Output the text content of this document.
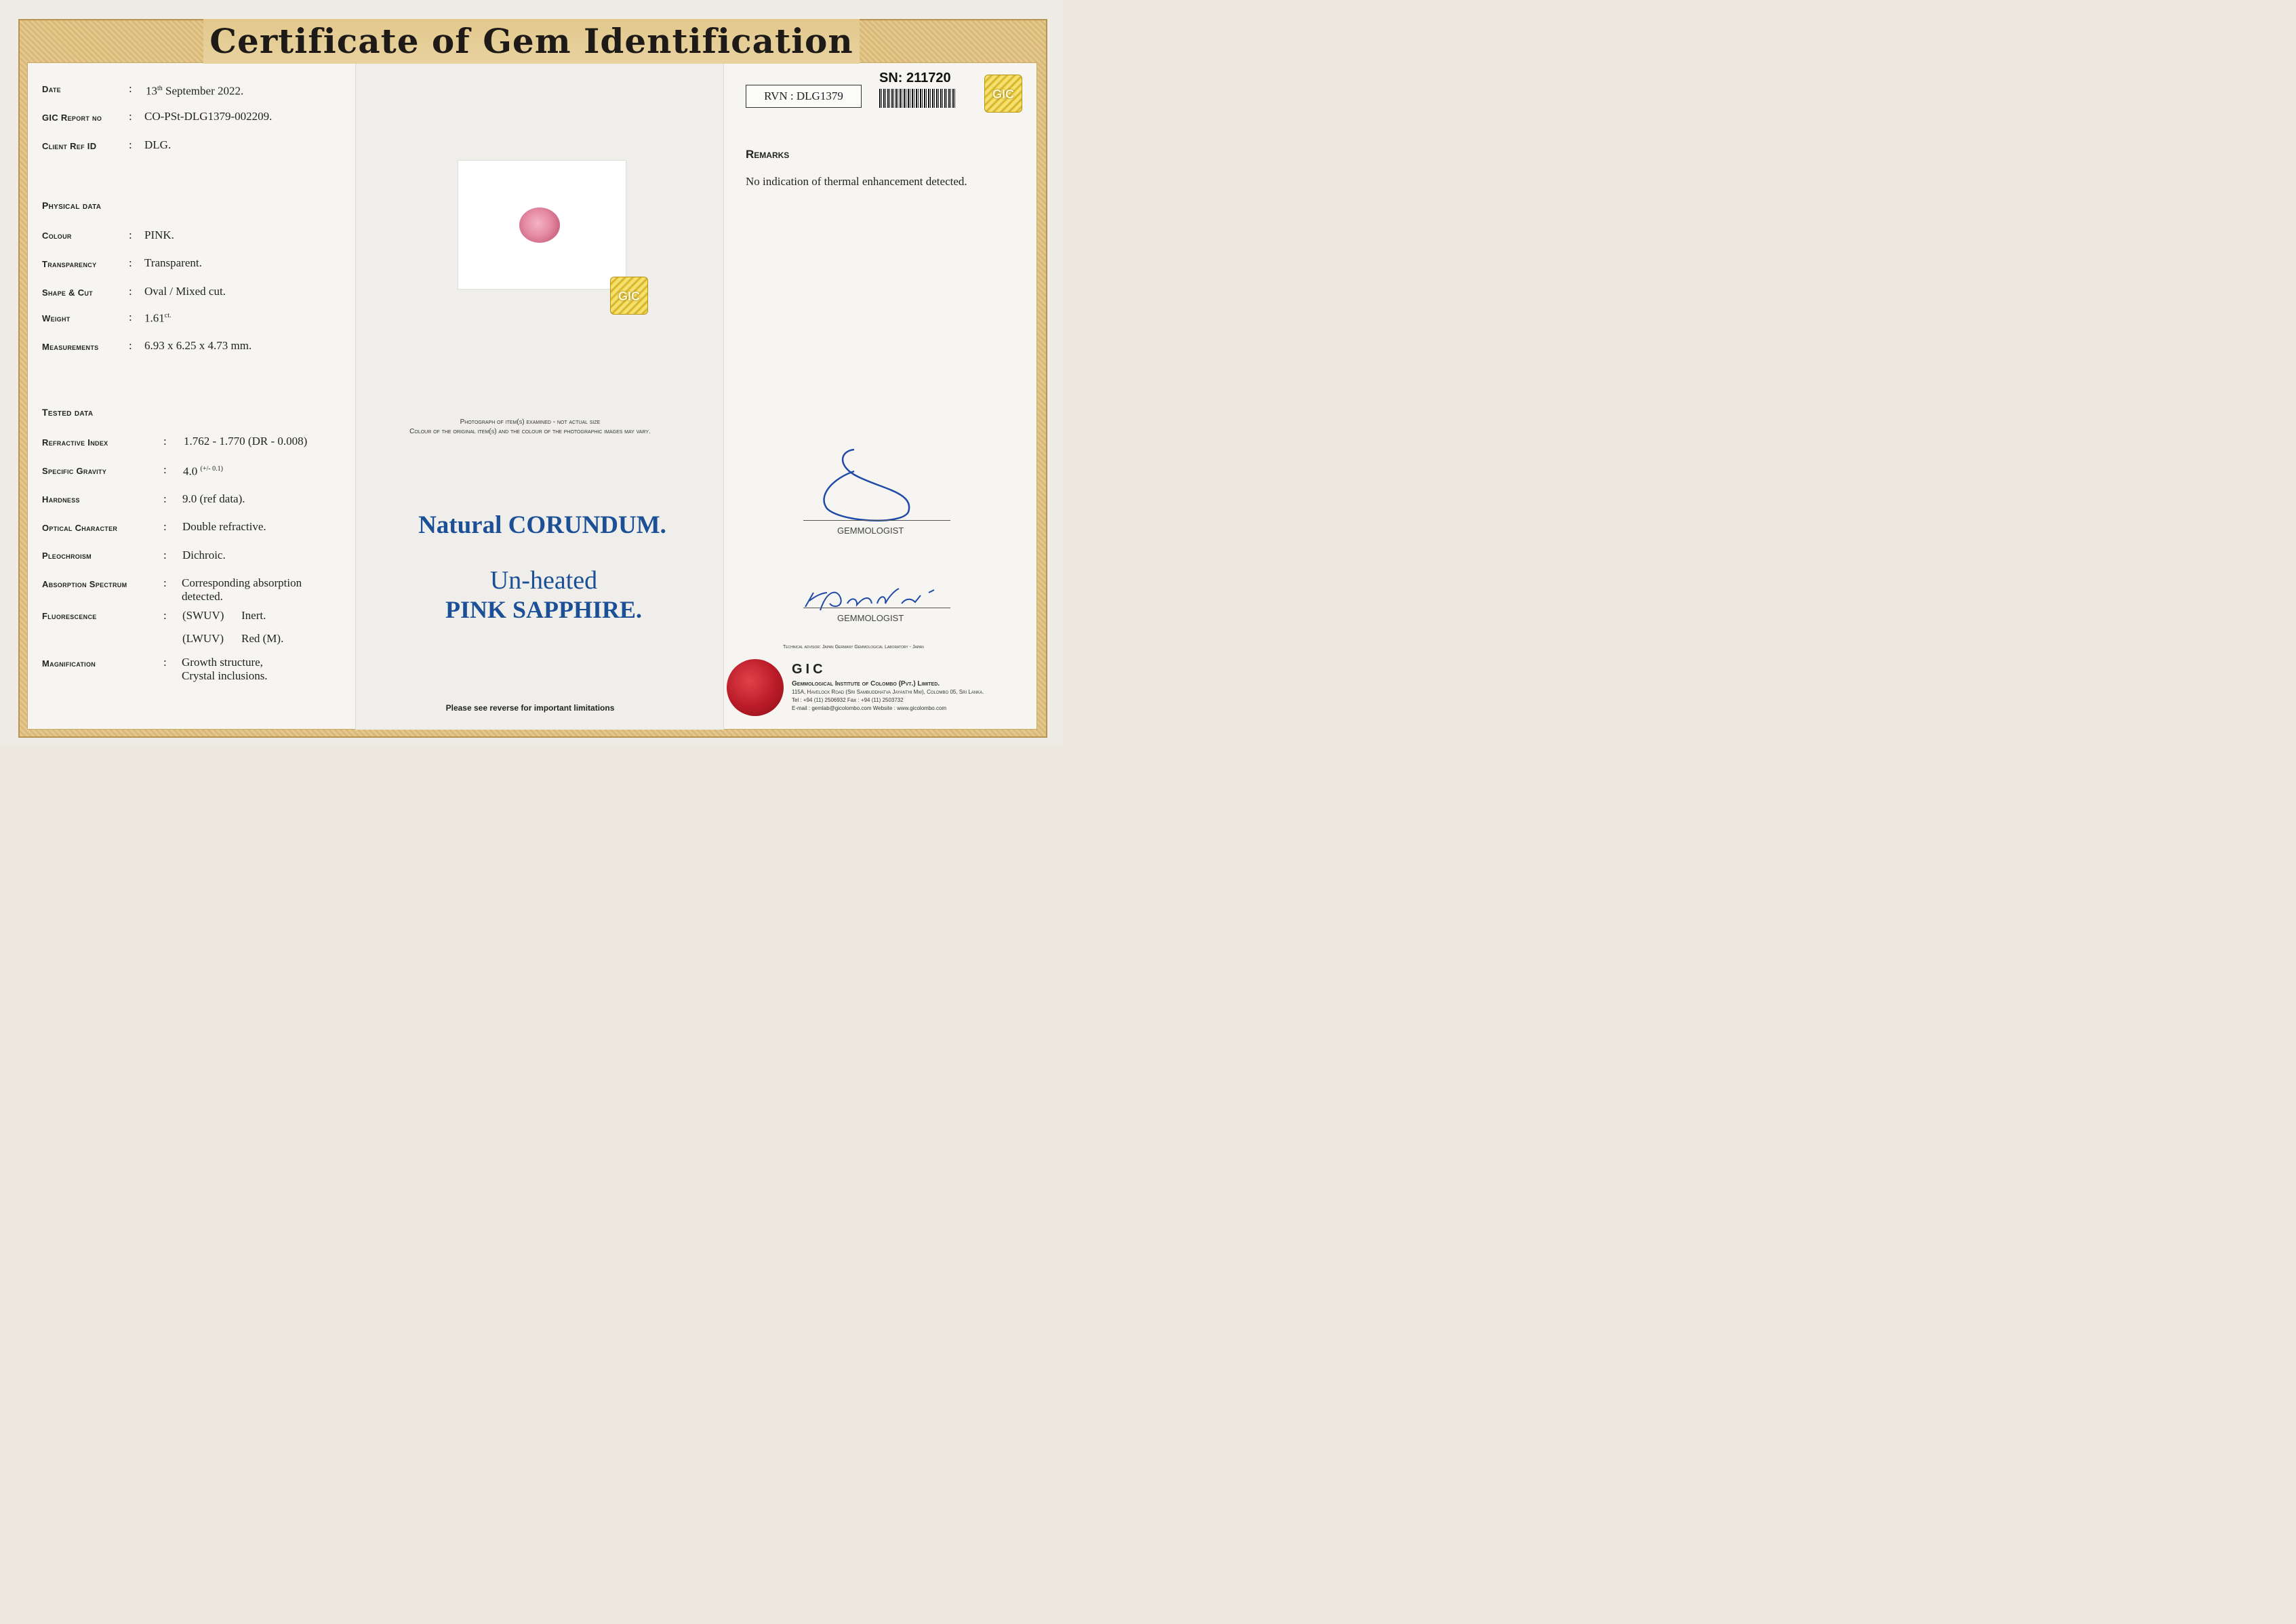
Certificate of Gem Identification
Date	: 13th September 2022.
GIC Report no : CO-PSt-DLG1379-002209.
Client Ref ID	: DLG.
Physical data
Colour	: PINK.
Transparency	: Transparent.
Shape & Cut	: Oval / Mixed cut.
Weight	: $1.61^{ct.}$
Measurements	: 6.93 x 6.25 x 4.73 mm.
Tested data
Refractive Index	: 1.762 - 1.770 (DR - 0.008)
Specific Gravity	: 4.0 $^{(+/- 0.1)}$
Hardness	: 9.0 (ref data).
Optical Character	: Double refractive.
Pleochroism	: Dichroic.
Absorption Spectrum	: Corresponding absorption
detected.
Fluorescence	: (SWUV) Inert.
(LWUV) Red (M).
Magnification	: Growth structure,
Crystal inclusions.
GIC
Photograph of item(s) examined - not actual size
Colour of the original item(s) and the colour of the photographic images may vary.
Natural CORUNDUM.
Un-heated
PINK SAPPHIRE.
Please see reverse for important limitations
RVN : DLG1379
SN: 211720
GIC
Remarks
No indication of thermal enhancement detected.
GEMMOLOGIST
GEMMOLOGIST
Technical advisor: Japan Germany Gemmological Laboratory - Japan
GIC
Gemmological Institute of Colombo (Pvt.) Limited.
115A, Havelock Road (Sri Sambuddhatva Jayanthi Mw), Colombo 05, Sri Lanka.
Tel : +94 (11) 2506932 Fax : +94 (11) 2503732
E-mail : gemlab@gicolombo.com Website : www.gicolombo.com
